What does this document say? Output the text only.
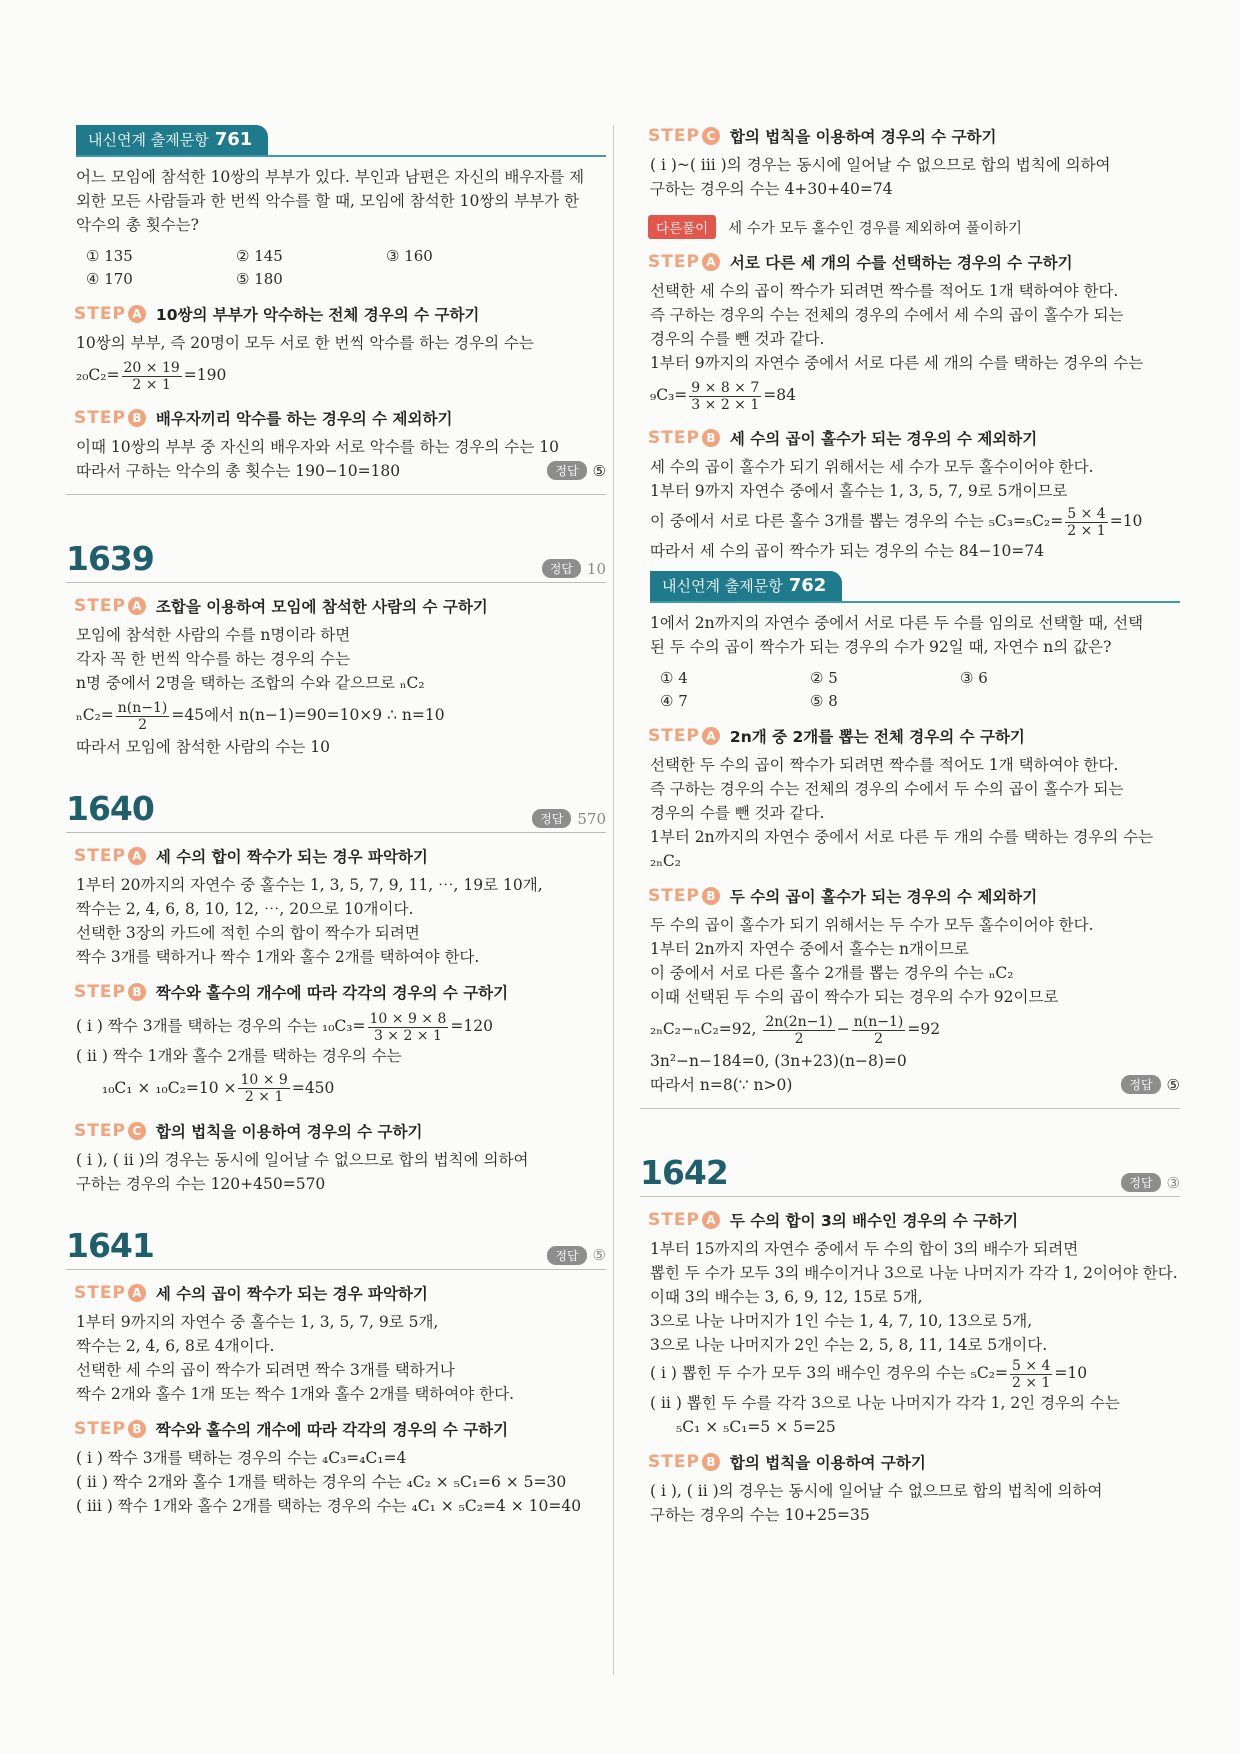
내신연계 출제문항 761
어느 모임에 참석한 10쌍의 부부가 있다. 부인과 남편은 자신의 배우자를 제
외한 모든 사람들과 한 번씩 악수를 할 때, 모임에 참석한 10쌍의 부부가 한
악수의 총 횟수는?
① 135	② 145	③ 160
④ 170	⑤ 180
STEP A 10쌍의 부부가 악수하는 전체 경우의 수 구하기
10쌍의 부부, 즉 20명이 모두 서로 한 번씩 악수를 하는 경우의 수는
$_{20}C_2= \frac{20 \times 19}{2 \times 1} =190$
STEP B 배우자끼리 악수를 하는 경우의 수 제외하기
이때 10쌍의 부부 중 자신의 배우자와 서로 악수를 하는 경우의 수는 10
따라서 구하는 악수의 총 횟수는 190−10=180	정답 ⑤
1639	정답 10
STEP A 조합을 이용하여 모임에 참석한 사람의 수 구하기
모임에 참석한 사람의 수를 n명이라 하면
각자 꼭 한 번씩 악수를 하는 경우의 수는
n명 중에서 2명을 택하는 조합의 수와 같으므로 ₙC₂
$_nC_2= \frac{n(n-1)}{2} =45$에서 n(n−1)=90=10×9 ∴ n=10
따라서 모임에 참석한 사람의 수는 10
1640	정답 570
STEP A 세 수의 합이 짝수가 되는 경우 파악하기
1부터 20까지의 자연수 중 홀수는 1, 3, 5, 7, 9, 11, ⋯, 19로 10개,
짝수는 2, 4, 6, 8, 10, 12, ⋯, 20으로 10개이다.
선택한 3장의 카드에 적힌 수의 합이 짝수가 되려면
짝수 3개를 택하거나 짝수 1개와 홀수 2개를 택하여야 한다.
STEP B 짝수와 홀수의 개수에 따라 각각의 경우의 수 구하기
( i ) 짝수 3개를 택하는 경우의 수는 $_{10}C_3= \frac{10 \times 9 \times 8}{3 \times 2 \times 1} =120$
( ii ) 짝수 1개와 홀수 2개를 택하는 경우의 수는
$_{10}C_1 \times _{10}C_2=10 \times \frac{10 \times 9}{2 \times 1} =450$
STEP C 합의 법칙을 이용하여 경우의 수 구하기
( i ), ( ii )의 경우는 동시에 일어날 수 없으므로 합의 법칙에 의하여
구하는 경우의 수는 120+450=570
1641	정답 ⑤
STEP A 세 수의 곱이 짝수가 되는 경우 파악하기
1부터 9까지의 자연수 중 홀수는 1, 3, 5, 7, 9로 5개,
짝수는 2, 4, 6, 8로 4개이다.
선택한 세 수의 곱이 짝수가 되려면 짝수 3개를 택하거나
짝수 2개와 홀수 1개 또는 짝수 1개와 홀수 2개를 택하여야 한다.
STEP B 짝수와 홀수의 개수에 따라 각각의 경우의 수 구하기
( i ) 짝수 3개를 택하는 경우의 수는 ₄C₃=₄C₁=4
( ii ) 짝수 2개와 홀수 1개를 택하는 경우의 수는 ₄C₂ × ₅C₁=6 × 5=30
( iii ) 짝수 1개와 홀수 2개를 택하는 경우의 수는 ₄C₁ × ₅C₂=4 × 10=40
STEP C 합의 법칙을 이용하여 경우의 수 구하기
( i )~( iii )의 경우는 동시에 일어날 수 없으므로 합의 법칙에 의하여
구하는 경우의 수는 4+30+40=74
다른풀이	세 수가 모두 홀수인 경우를 제외하여 풀이하기
STEP A 서로 다른 세 개의 수를 선택하는 경우의 수 구하기
선택한 세 수의 곱이 짝수가 되려면 짝수를 적어도 1개 택하여야 한다.
즉 구하는 경우의 수는 전체의 경우의 수에서 세 수의 곱이 홀수가 되는
경우의 수를 뺀 것과 같다.
1부터 9까지의 자연수 중에서 서로 다른 세 개의 수를 택하는 경우의 수는
$_9C_3= \frac{9 \times 8 \times 7}{3 \times 2 \times 1} =84$
STEP B 세 수의 곱이 홀수가 되는 경우의 수 제외하기
세 수의 곱이 홀수가 되기 위해서는 세 수가 모두 홀수이어야 한다.
1부터 9까지 자연수 중에서 홀수는 1, 3, 5, 7, 9로 5개이므로
이 중에서 서로 다른 홀수 3개를 뽑는 경우의 수는 $_5C_3=_5C_2= \frac{5 \times 4}{2 \times 1} =10$
따라서 세 수의 곱이 짝수가 되는 경우의 수는 84−10=74
내신연계 출제문항 762
1에서 2n까지의 자연수 중에서 서로 다른 두 수를 임의로 선택할 때, 선택
된 두 수의 곱이 짝수가 되는 경우의 수가 92일 때, 자연수 n의 값은?
① 4	② 5	③ 6
④ 7	⑤ 8
STEP A 2n개 중 2개를 뽑는 전체 경우의 수 구하기
선택한 두 수의 곱이 짝수가 되려면 짝수를 적어도 1개 택하여야 한다.
즉 구하는 경우의 수는 전체의 경우의 수에서 두 수의 곱이 홀수가 되는
경우의 수를 뺀 것과 같다.
1부터 2n까지의 자연수 중에서 서로 다른 두 개의 수를 택하는 경우의 수는
₂ₙC₂
STEP B 두 수의 곱이 홀수가 되는 경우의 수 제외하기
두 수의 곱이 홀수가 되기 위해서는 두 수가 모두 홀수이어야 한다.
1부터 2n까지 자연수 중에서 홀수는 n개이므로
이 중에서 서로 다른 홀수 2개를 뽑는 경우의 수는 ₙC₂
이때 선택된 두 수의 곱이 짝수가 되는 경우의 수가 92이므로
₂ₙC₂−ₙC₂=92, $\frac{2n(2n-1)}{2} - \frac{n(n-1)}{2} =92$
3n²−n−184=0, (3n+23)(n−8)=0
따라서 n=8(∵ n>0)	정답 ⑤
1642	정답 ③
STEP A 두 수의 합이 3의 배수인 경우의 수 구하기
1부터 15까지의 자연수 중에서 두 수의 합이 3의 배수가 되려면
뽑힌 두 수가 모두 3의 배수이거나 3으로 나눈 나머지가 각각 1, 2이어야 한다.
이때 3의 배수는 3, 6, 9, 12, 15로 5개,
3으로 나눈 나머지가 1인 수는 1, 4, 7, 10, 13으로 5개,
3으로 나눈 나머지가 2인 수는 2, 5, 8, 11, 14로 5개이다.
( i ) 뽑힌 두 수가 모두 3의 배수인 경우의 수는 $_5C_2= \frac{5 \times 4}{2 \times 1} =10$
( ii ) 뽑힌 두 수를 각각 3으로 나눈 나머지가 각각 1, 2인 경우의 수는
₅C₁ × ₅C₁=5 × 5=25
STEP B 합의 법칙을 이용하여 구하기
( i ), ( ii )의 경우는 동시에 일어날 수 없으므로 합의 법칙에 의하여
구하는 경우의 수는 10+25=35
